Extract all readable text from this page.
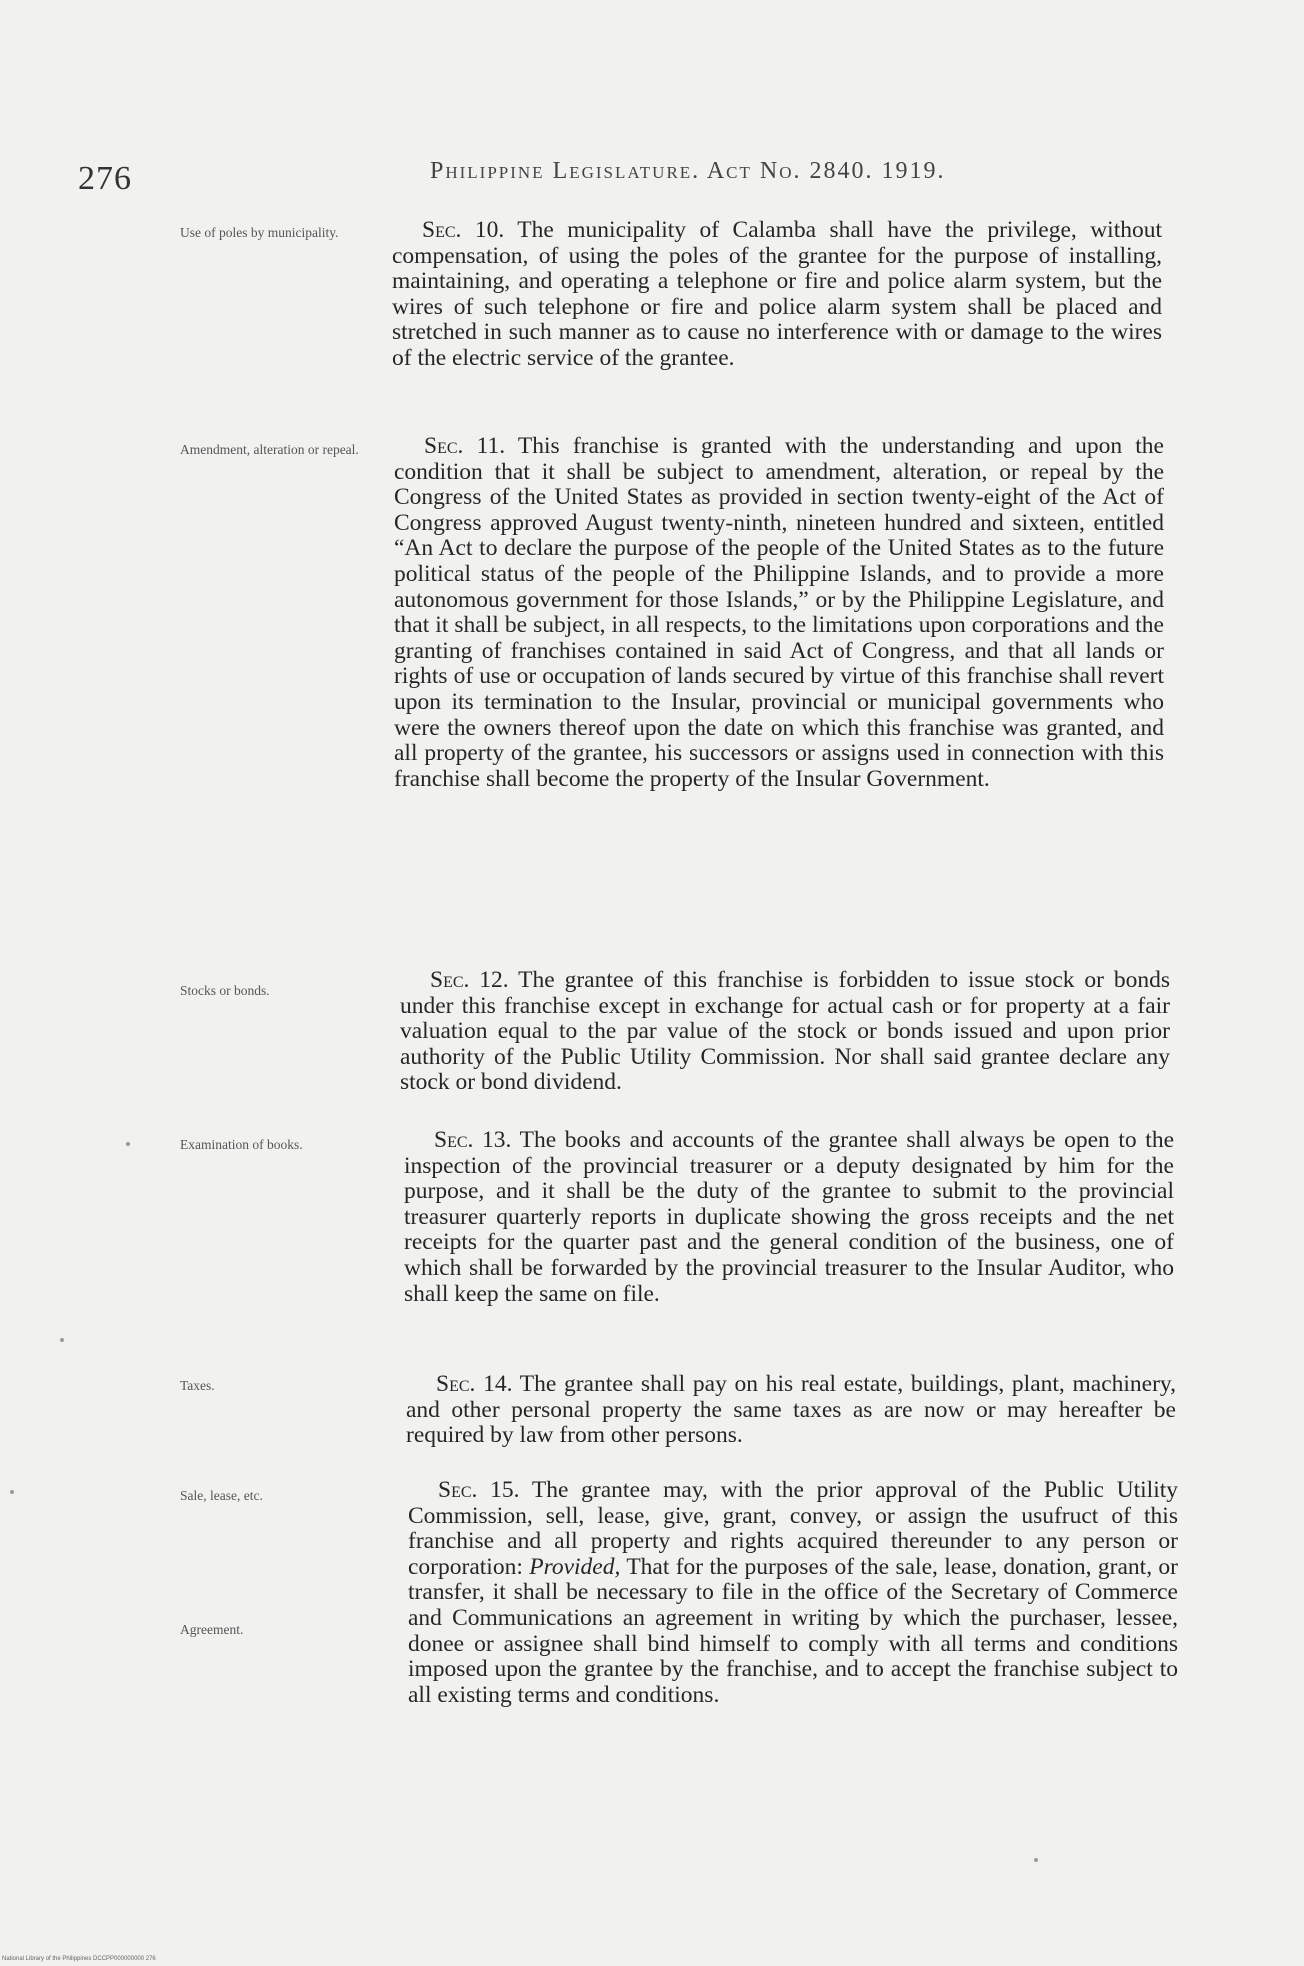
276	Philippine Legislature. Act No. 2840. 1919.
Use of poles by municipality.
Amendment, alteration or repeal.
Stocks or bonds.
Examination of books.
Taxes.
Sale, lease, etc.
Agreement.
Sec. 10. The municipality of Calamba shall have the privilege, without compensation, of using the poles of the grantee for the purpose of installing, maintaining, and operating a telephone or fire and police alarm system, but the wires of such telephone or fire and police alarm system shall be placed and stretched in such manner as to cause no interference with or damage to the wires of the electric service of the grantee.
Sec. 11. This franchise is granted with the understanding and upon the condition that it shall be subject to amendment, alteration, or repeal by the Congress of the United States as provided in section twenty-eight of the Act of Congress approved August twenty-ninth, nineteen hundred and sixteen, entitled “An Act to declare the purpose of the people of the United States as to the future political status of the people of the Philippine Islands, and to provide a more autonomous government for those Islands,” or by the Philippine Legislature, and that it shall be subject, in all respects, to the limitations upon corporations and the granting of franchises contained in said Act of Congress, and that all lands or rights of use or occupation of lands secured by virtue of this franchise shall revert upon its termination to the Insular, provincial or municipal governments who were the owners thereof upon the date on which this franchise was granted, and all property of the grantee, his successors or assigns used in connection with this franchise shall become the property of the Insular Government.
Sec. 12. The grantee of this franchise is forbidden to issue stock or bonds under this franchise except in exchange for actual cash or for property at a fair valuation equal to the par value of the stock or bonds issued and upon prior authority of the Public Utility Commission. Nor shall said grantee declare any stock or bond dividend.
Sec. 13. The books and accounts of the grantee shall always be open to the inspection of the provincial treasurer or a deputy designated by him for the purpose, and it shall be the duty of the grantee to submit to the provincial treasurer quarterly reports in duplicate showing the gross receipts and the net receipts for the quarter past and the general condition of the business, one of which shall be forwarded by the provincial treasurer to the Insular Auditor, who shall keep the same on file.
Sec. 14. The grantee shall pay on his real estate, buildings, plant, machinery, and other personal property the same taxes as are now or may hereafter be required by law from other persons.
Sec. 15. The grantee may, with the prior approval of the Public Utility Commission, sell, lease, give, grant, convey, or assign the usufruct of this franchise and all property and rights acquired thereunder to any person or corporation: Provided, That for the purposes of the sale, lease, donation, grant, or transfer, it shall be necessary to file in the office of the Secretary of Commerce and Communications an agreement in writing by which the purchaser, lessee, donee or assignee shall bind himself to comply with all terms and conditions imposed upon the grantee by the franchise, and to accept the franchise subject to all existing terms and conditions.
National Library of the Philippines DCCPP000000000 276
